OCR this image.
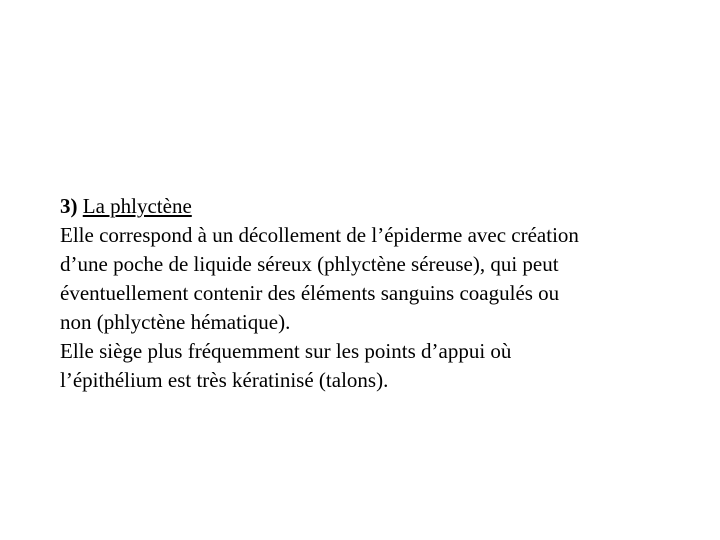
3) La phlyctène
Elle correspond à un décollement de l’épiderme avec création
d’une poche de liquide séreux (phlyctène séreuse), qui peut
éventuellement contenir des éléments sanguins coagulés ou
non (phlyctène hématique).
Elle siège plus fréquemment sur les points d’appui où
l’épithélium est très kératinisé (talons).
